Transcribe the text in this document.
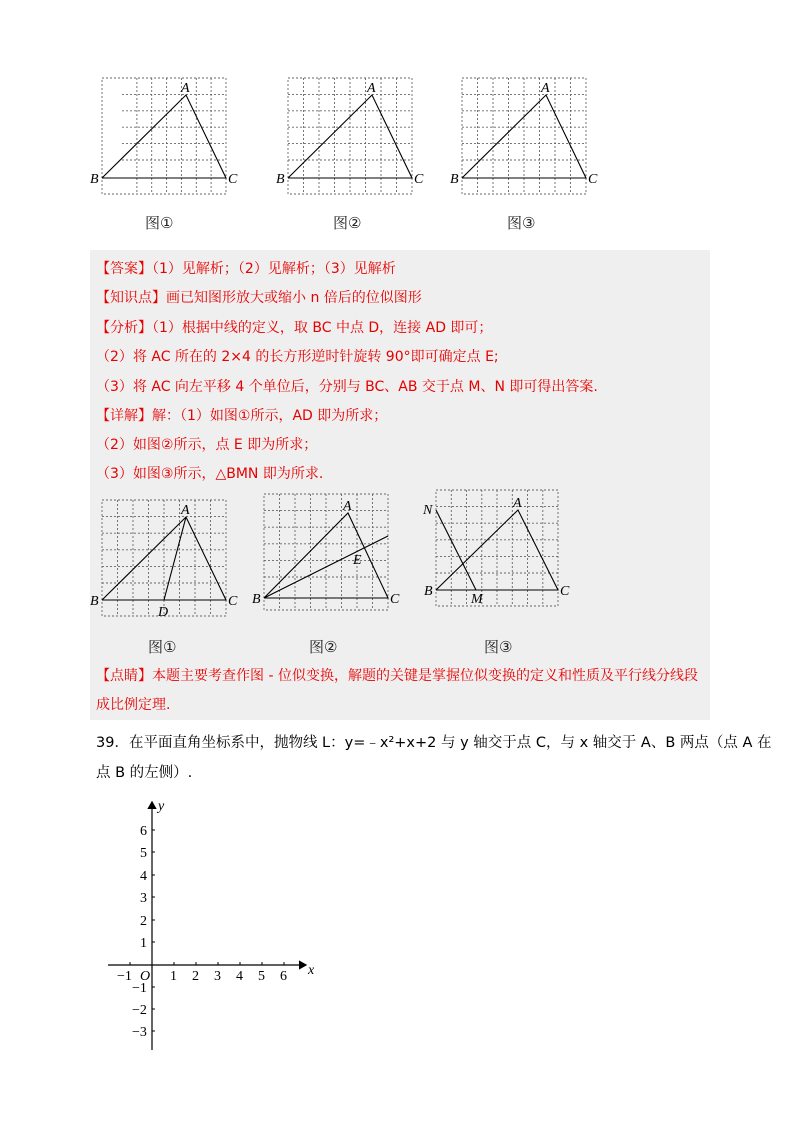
A
B	C
图①
A
B	C
图②
A
B	C
图③
【答案】（1）见解析；（2）见解析；（3）见解析
【知识点】画已知图形放大或缩小 n 倍后的位似图形
【分析】（1）根据中线的定义，取 BC 中点 D，连接 AD 即可；
（2）将 AC 所在的 2×4 的长方形逆时针旋转 90°即可确定点 E;
（3）将 AC 向左平移 4 个单位后，分别与 BC、AB 交于点 M、N 即可得出答案.
【详解】解：（1）如图①所示，AD 即为所求；
（2）如图②所示，点 E 即为所求；
（3）如图③所示，△BMN 即为所求.
A
B	C
D
图①
A
B	C
E
图②
A
B	C
N
M
图③
【点睛】本题主要考查作图 - 位似变换，解题的关键是掌握位似变换的定义和性质及平行线分线段成比例定理.
39．在平面直角坐标系中，抛物线 L：y=﹣x²+x+2 与 y 轴交于点 C，与 x 轴交于 A、B 两点（点 A 在
点 B 的左侧）.
x
y
O
−1	1 2 3 4 5 6
6
5
4
3
2
1
−1
−2
−3
